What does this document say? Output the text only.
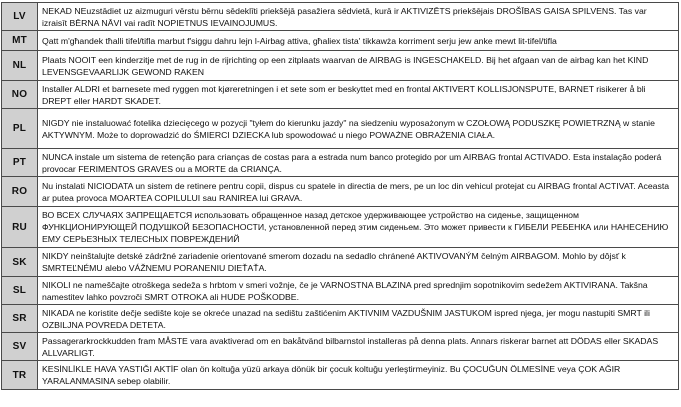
LV	NEKAD NEuzstādiet uz aizmuguri vērstu bērnu sēdeklīti priekšējā pasažiera sēdvietā, kurā ir AKTIVIZĒTS priekšējais DROŠĪBAS GAISA SPILVENS. Tas var izraisīt BĒRNA NĀVI vai radīt NOPIETNUS IEVAINOJUMUS.
MT	Qatt m'għandek tħalli tifel/tifla marbut f'siggu dahru lejn l-Airbag attiva, għaliex tista' tikkawża korriment serju jew anke mewt lit-tifel/tifla
NL	Plaats NOOIT een kinderzitje met de rug in de rijrichting op een zitplaats waarvan de AIRBAG is INGESCHAKELD. Bij het afgaan van de airbag kan het KIND LEVENSGEVAARLIJK GEWOND RAKEN
NO	Installer ALDRI et barnesete med ryggen mot kjøreretningen i et sete som er beskyttet med en frontal AKTIVERT KOLLISJONSPUTE, BARNET risikerer å bli DREPT eller HARDT SKADET.
PL	NIGDY nie instaluować fotelika dziecięcego w pozycji "tyłem do kierunku jazdy" na siedzeniu wyposażonym w CZOŁOWĄ PODUSZKĘ POWIETRZNĄ w stanie AKTYWNYM. Może to doprowadzić do ŚMIERCI DZIECKA lub spowodować u niego POWAŻNE OBRAŻENIA CIAŁA.
PT	NUNCA instale um sistema de retenção para crianças de costas para a estrada num banco protegido por um AIRBAG frontal ACTIVADO. Esta instalação poderá provocar FERIMENTOS GRAVES ou a MORTE da CRIANÇA.
RO	Nu instalati NICIODATA un sistem de retinere pentru copii, dispus cu spatele in directia de mers, pe un loc din vehicul protejat cu AIRBAG frontal ACTIVAT. Aceasta ar putea provoca MOARTEA COPILULUI sau RANIREA lui GRAVA.
RU	ВО ВСЕХ СЛУЧАЯХ ЗАПРЕЩАЕТСЯ использовать обращенное назад детское удерживающее устройство на сиденье, защищенном ФУНКЦИОНИРУЮЩЕЙ ПОДУШКОЙ БЕЗОПАСНОСТИ, установленной перед этим сиденьем. Это может привести к ГИБЕЛИ РЕБЕНКА или НАНЕСЕНИЮ ЕМУ СЕРЬЕЗНЫХ ТЕЛЕСНЫХ ПОВРЕЖДЕНИЙ
SK	NIKDY neinštalujte detské zádržné zariadenie orientované smerom dozadu na sedadlo chránené AKTIVOVANÝM čelným AIRBAGOM. Mohlo by dôjsť k SMRTEĽNÉMU alebo VÁŽNEMU PORANENIU DIEŤAŤA.
SL	NIKOLI ne nameščajte otroškega sedeža s hrbtom v smeri vožnje, če je VARNOSTNA BLAZINA pred sprednjim sopotnikovim sedežem AKTIVIRANA. Takšna namestitev lahko povzroči SMRT OTROKA ali HUDE POŠKODBE.
SR	NIKADA ne koristite dečje sedište koje se okreće unazad na sedištu zaštićenim AKTIVNIM VAZDUŠNIM JASTUKOM ispred njega, jer mogu nastupiti SMRT ili OZBILJNA POVREDA DETETA.
SV	Passagerarkrockkudden fram MÅSTE vara avaktiverad om en bakåtvänd bilbarnstol installeras på denna plats. Annars riskerar barnet att DÖDAS eller SKADAS ALLVARLIGT.
TR	KESİNLİKLE HAVA YASTIĞI AKTİF olan ön koltuğa yüzü arkaya dönük bir çocuk koltuğu yerleştirmeyiniz. Bu ÇOCUĞUN ÖLMESİNE veya ÇOK AĞIR YARALANMASINA sebep olabilir.
